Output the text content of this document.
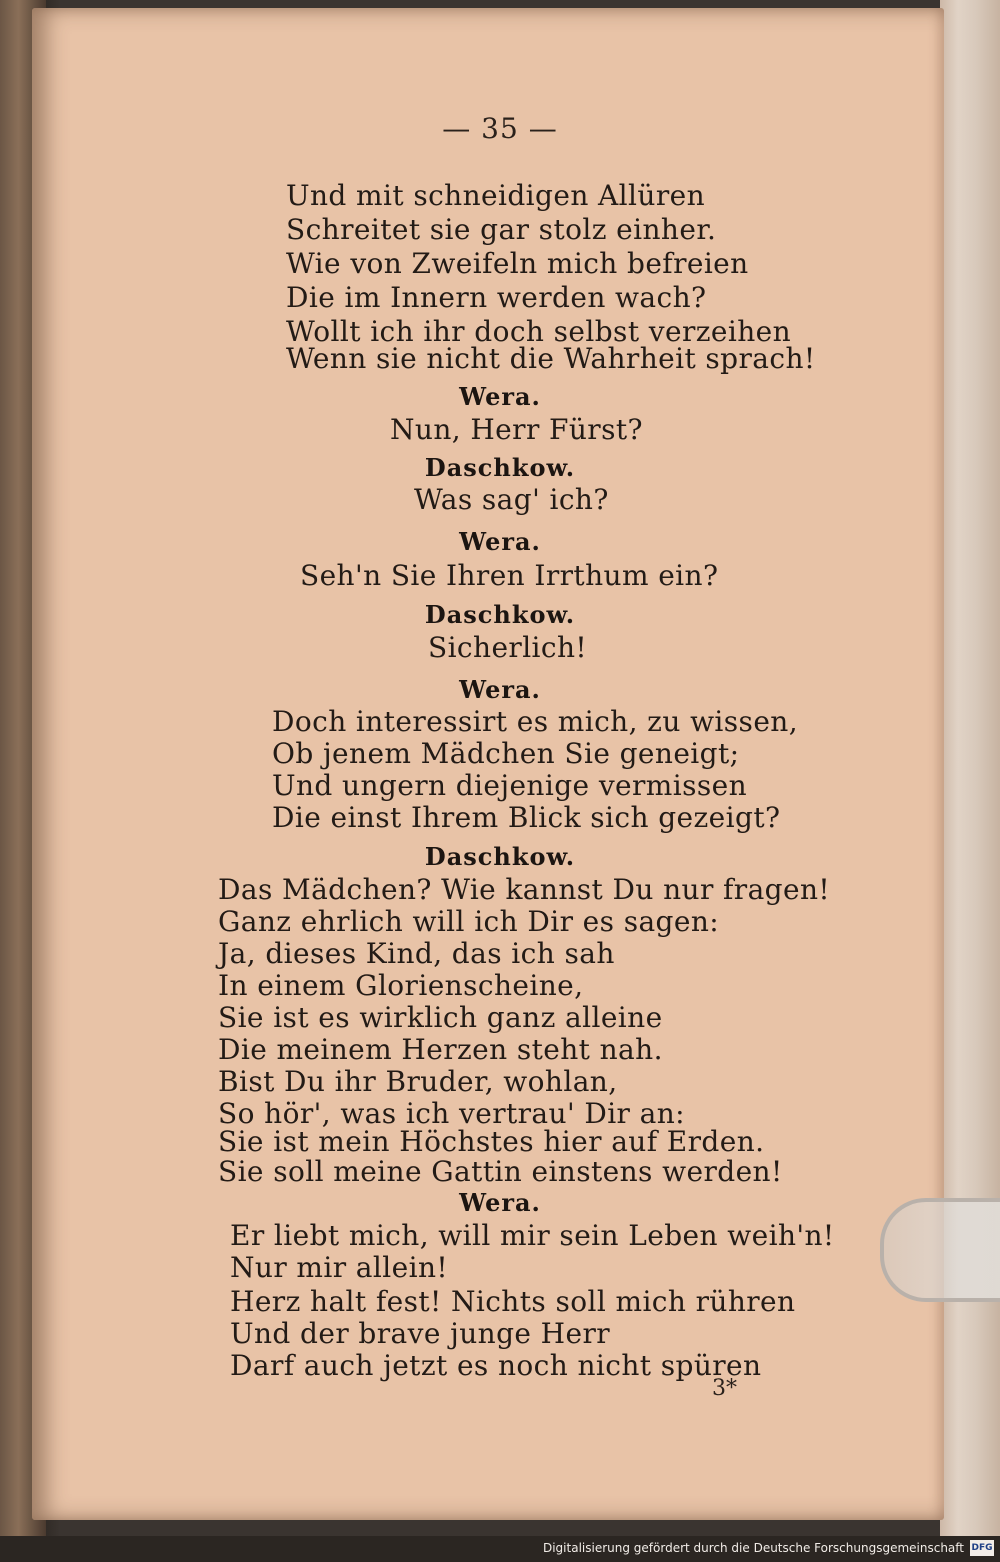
— 35 —
Und mit schneidigen Allüren
Schreitet sie gar stolz einher.
Wie von Zweifeln mich befreien
Die im Innern werden wach?
Wollt ich ihr doch selbst verzeihen
Wenn sie nicht die Wahrheit sprach!
Wera.
Nun, Herr Fürst?
Daschkow.
Was sag' ich?
Wera.
Seh'n Sie Ihren Irrthum ein?
Daschkow.
Sicherlich!
Wera.
Doch interessirt es mich, zu wissen,
Ob jenem Mädchen Sie geneigt;
Und ungern diejenige vermissen
Die einst Ihrem Blick sich gezeigt?
Daschkow.
Das Mädchen? Wie kannst Du nur fragen!
Ganz ehrlich will ich Dir es sagen:
Ja, dieses Kind, das ich sah
In einem Glorienscheine,
Sie ist es wirklich ganz alleine
Die meinem Herzen steht nah.
Bist Du ihr Bruder, wohlan,
So hör', was ich vertrau' Dir an:
Sie ist mein Höchstes hier auf Erden.
Sie soll meine Gattin einstens werden!
Wera.
Er liebt mich, will mir sein Leben weih'n!
Nur mir allein!
Herz halt fest! Nichts soll mich rühren
Und der brave junge Herr
Darf auch jetzt es noch nicht spüren
3*
Digitalisierung gefördert durch die Deutsche Forschungsgemeinschaft DFG
